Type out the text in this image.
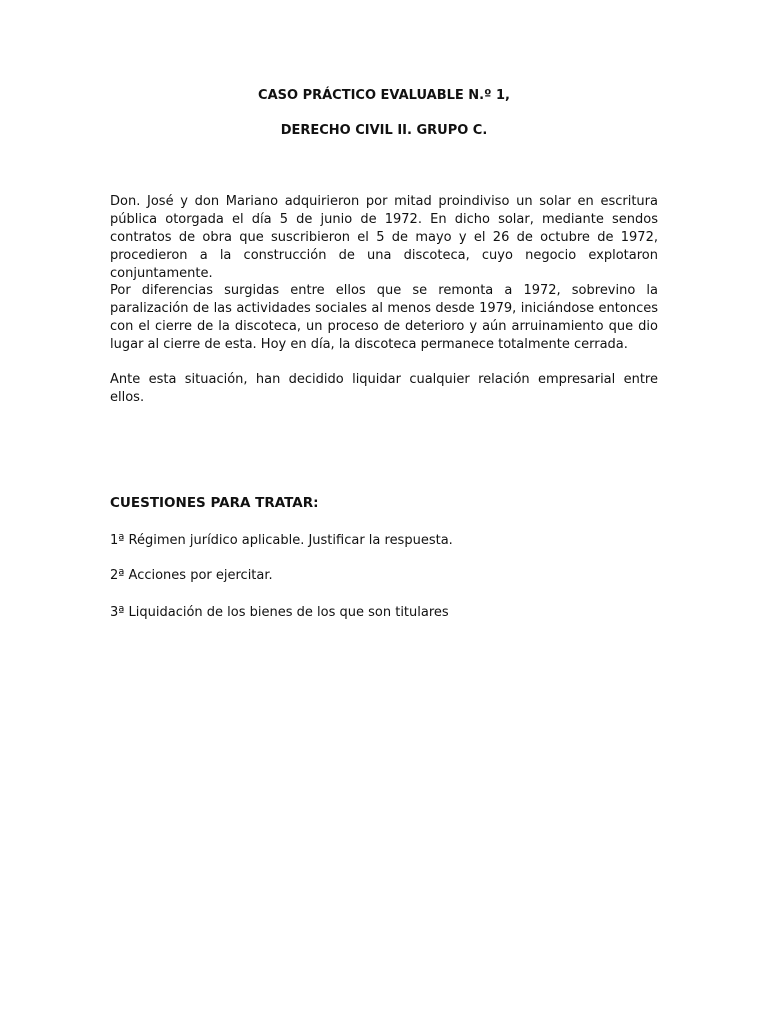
CASO PRÁCTICO EVALUABLE N.º 1,
DERECHO CIVIL II. GRUPO C.

Don. José y don Mariano adquirieron por mitad proindiviso un solar en escritura pública otorgada el día 5 de junio de 1972. En dicho solar, mediante sendos contratos de obra que suscribieron el 5 de mayo y el 26 de octubre de 1972, procedieron a la construcción de una discoteca, cuyo negocio explotaron conjuntamente.

Por diferencias surgidas entre ellos que se remonta a 1972, sobrevino la paralización de las actividades sociales al menos desde 1979, iniciándose entonces con el cierre de la discoteca, un proceso de deterioro y aún arruinamiento que dio lugar al cierre de esta. Hoy en día, la discoteca permanece totalmente cerrada.

Ante esta situación, han decidido liquidar cualquier relación empresarial entre ellos.

CUESTIONES PARA TRATAR:
1ª Régimen jurídico aplicable. Justificar la respuesta.
2ª Acciones por ejercitar.
3ª Liquidación de los bienes de los que son titulares
